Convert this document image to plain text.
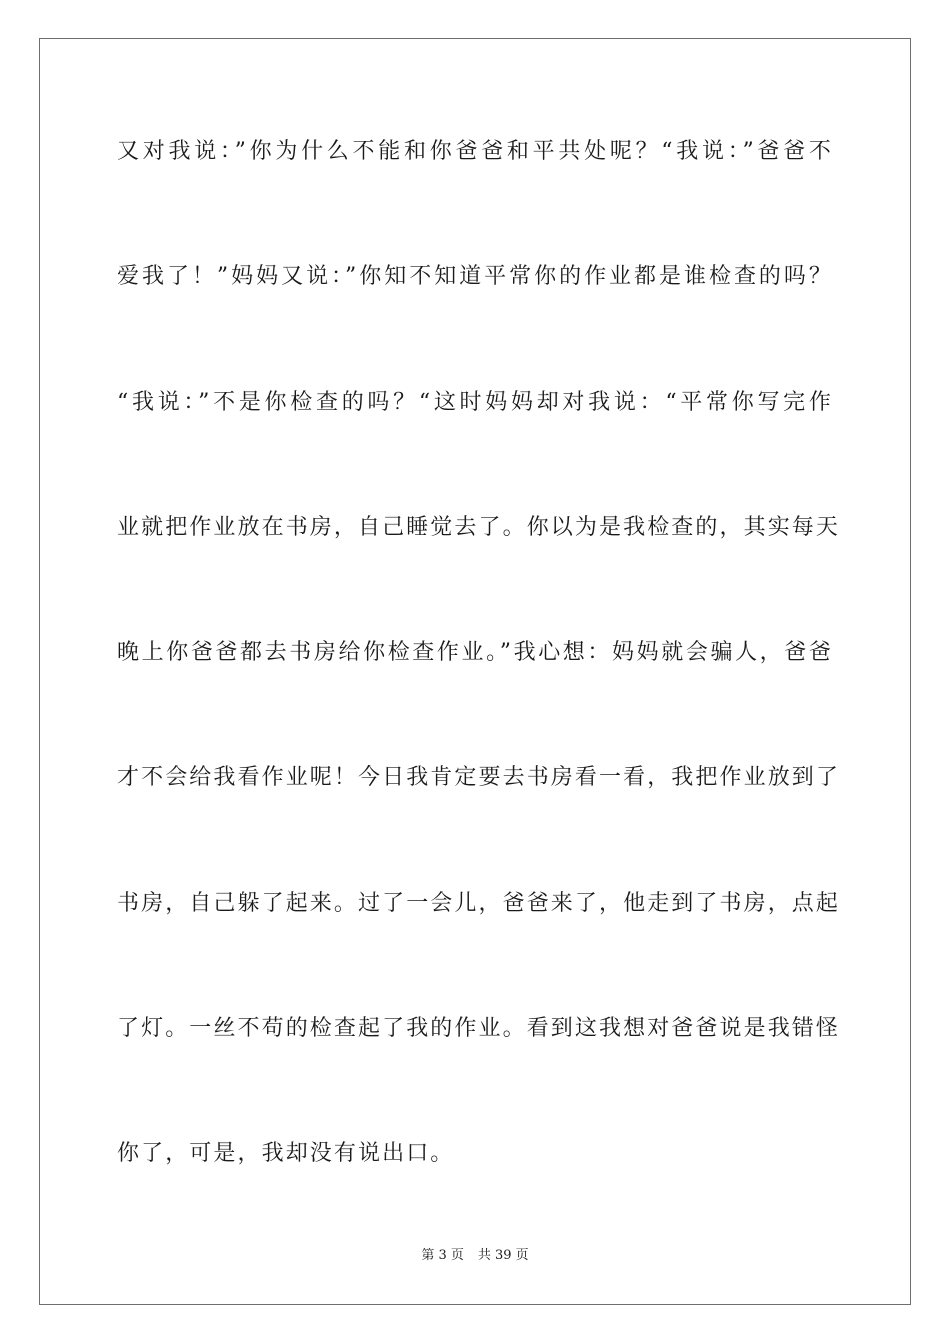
又对我说：”你为什么不能和你爸爸和平共处呢？“我说：”爸爸不
爱我了！”妈妈又说：”你知不知道平常你的作业都是谁检查的吗？
“我说：”不是你检查的吗？“这时妈妈却对我说：“平常你写完作
业就把作业放在书房，自己睡觉去了。你以为是我检查的，其实每天
晚上你爸爸都去书房给你检查作业。”我心想：妈妈就会骗人，爸爸
才不会给我看作业呢！今日我肯定要去书房看一看，我把作业放到了
书房，自己躲了起来。过了一会儿，爸爸来了，他走到了书房，点起
了灯。一丝不苟的检查起了我的作业。看到这我想对爸爸说是我错怪
你了，可是，我却没有说出口。
第 3 页 共 39 页
